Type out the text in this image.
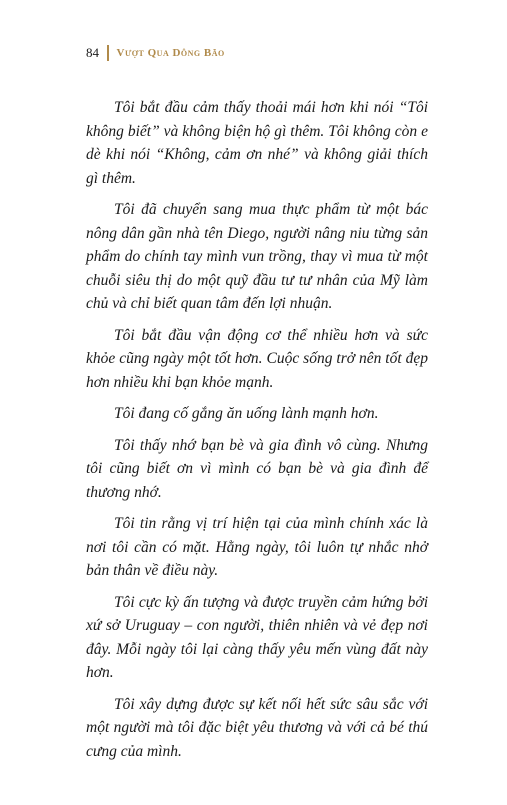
84 Vượt Qua Dông Bão

Tôi bắt đầu cảm thấy thoải mái hơn khi nói “Tôi không biết” và không biện hộ gì thêm. Tôi không còn e dè khi nói “Không, cảm ơn nhé” và không giải thích gì thêm.

Tôi đã chuyển sang mua thực phẩm từ một bác nông dân gần nhà tên Diego, người nâng niu từng sản phẩm do chính tay mình vun trồng, thay vì mua từ một chuỗi siêu thị do một quỹ đầu tư tư nhân của Mỹ làm chủ và chỉ biết quan tâm đến lợi nhuận.

Tôi bắt đầu vận động cơ thể nhiều hơn và sức khỏe cũng ngày một tốt hơn. Cuộc sống trở nên tốt đẹp hơn nhiều khi bạn khỏe mạnh.

Tôi đang cố gắng ăn uống lành mạnh hơn.

Tôi thấy nhớ bạn bè và gia đình vô cùng. Nhưng tôi cũng biết ơn vì mình có bạn bè và gia đình để thương nhớ.

Tôi tin rằng vị trí hiện tại của mình chính xác là nơi tôi cần có mặt. Hằng ngày, tôi luôn tự nhắc nhở bản thân về điều này.

Tôi cực kỳ ấn tượng và được truyền cảm hứng bởi xứ sở Uruguay – con người, thiên nhiên và vẻ đẹp nơi đây. Mỗi ngày tôi lại càng thấy yêu mến vùng đất này hơn.

Tôi xây dựng được sự kết nối hết sức sâu sắc với một người mà tôi đặc biệt yêu thương và với cả bé thú cưng của mình.
